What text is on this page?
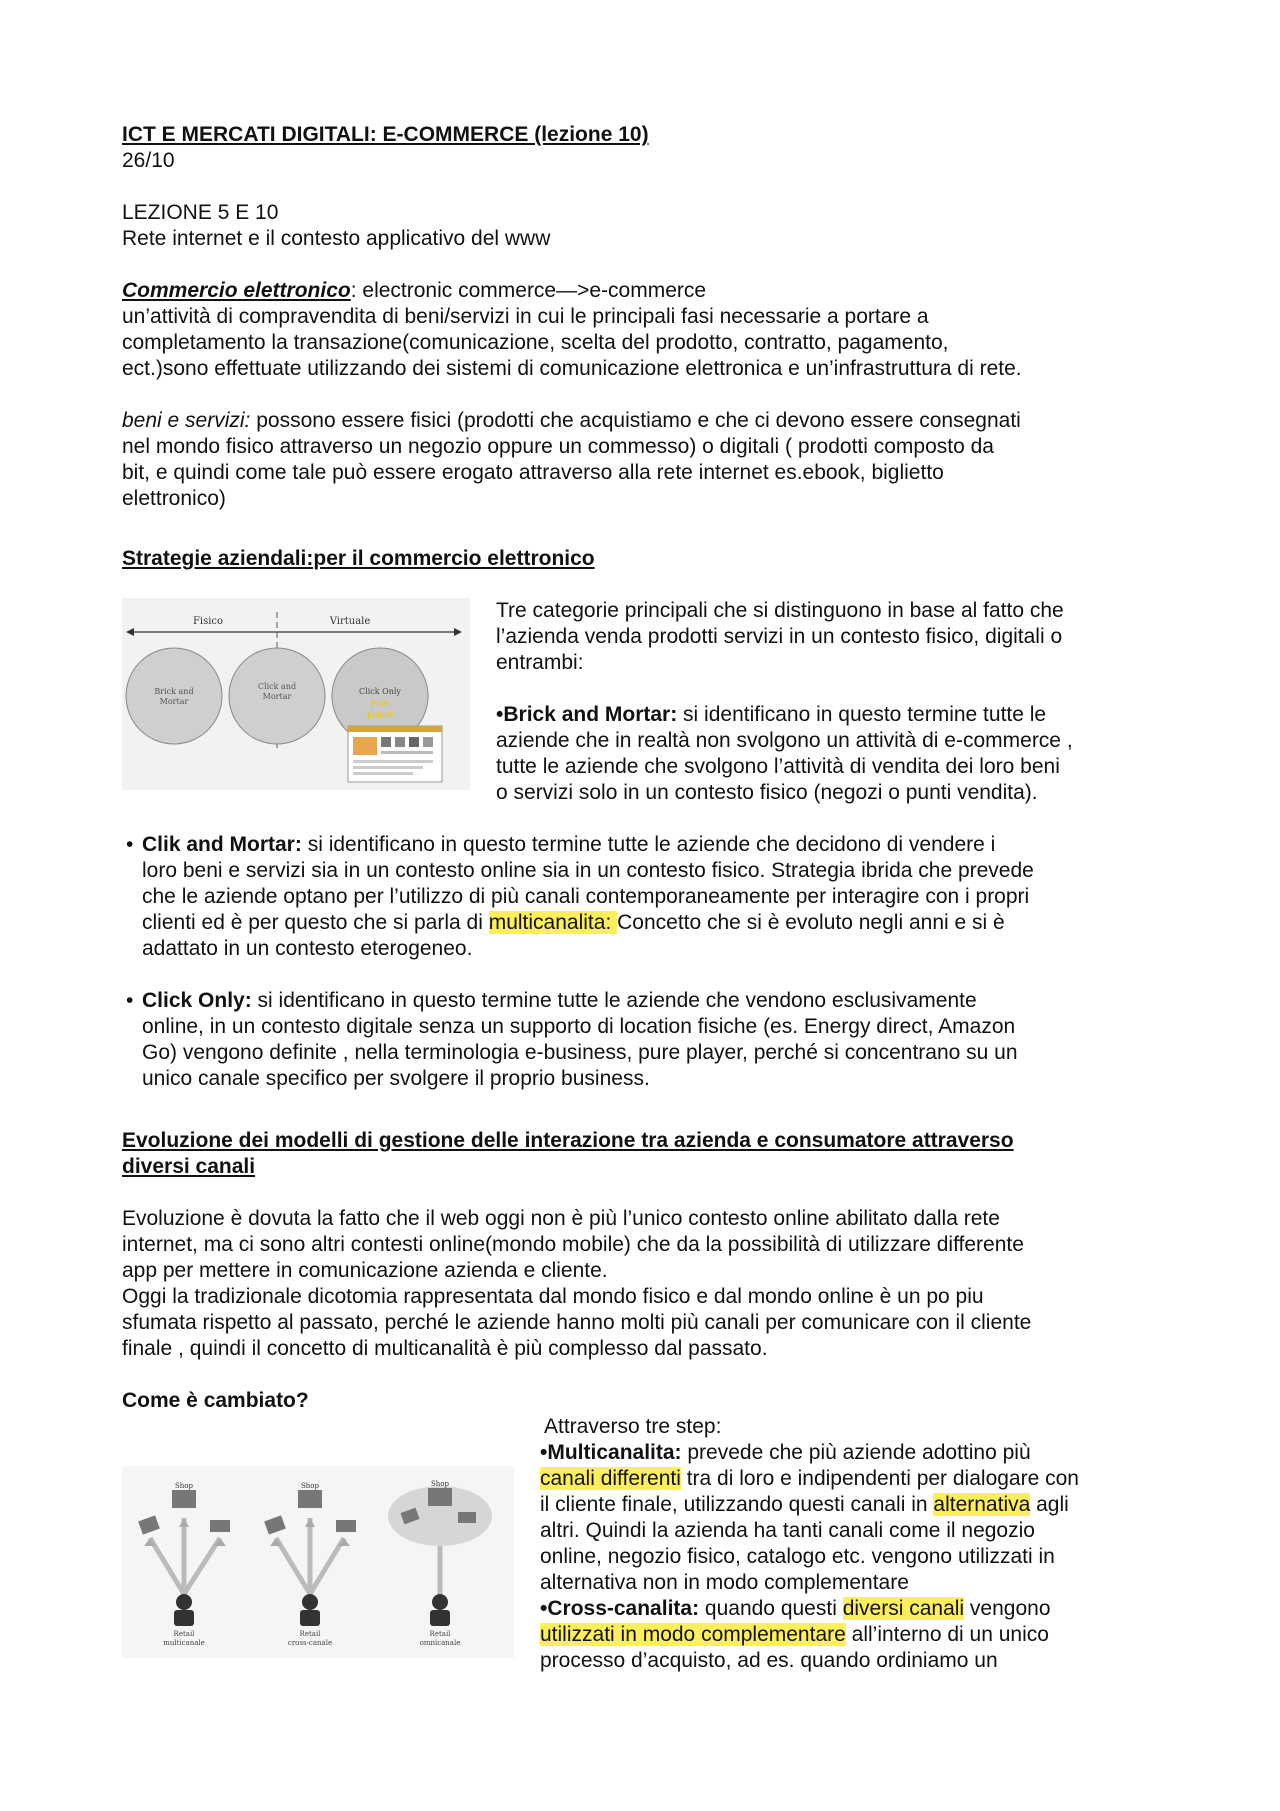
ICT E MERCATI DIGITALI: E-COMMERCE (lezione 10)
26/10
LEZIONE 5 E 10
Rete internet e il contesto applicativo del www
Commercio elettronico: electronic commerce—>e-commerce
un’attività di compravendita di beni/servizi in cui le principali fasi necessarie a portare a
completamento la transazione(comunicazione, scelta del prodotto, contratto, pagamento,
ect.)sono effettuate utilizzando dei sistemi di comunicazione elettronica e un’infrastruttura di rete.
beni e servizi: possono essere fisici (prodotti che acquistiamo e che ci devono essere consegnati
nel mondo fisico attraverso un negozio oppure un commesso) o digitali ( prodotti composto da
bit, e quindi come tale può essere erogato attraverso alla rete internet es.ebook, biglietto
elettronico)
Strategie aziendali:per il commercio elettronico
Fisico	Virtuale
Brick and
Mortar
Click and
Mortar
Click Only
Pure
player
Tre categorie principali che si distinguono in base al fatto che
l’azienda venda prodotti servizi in un contesto fisico, digitali o
entrambi:
•Brick and Mortar: si identificano in questo termine tutte le
aziende che in realtà non svolgono un attività di e-commerce ,
tutte le aziende che svolgono l’attività di vendita dei loro beni
o servizi solo in un contesto fisico (negozi o punti vendita).
• Clik and Mortar: si identificano in questo termine tutte le aziende che decidono di vendere i
loro beni e servizi sia in un contesto online sia in un contesto fisico. Strategia ibrida che prevede
che le aziende optano per l’utilizzo di più canali contemporaneamente per interagire con i propri
clienti ed è per questo che si parla di multicanalita: Concetto che si è evoluto negli anni e si è
adattato in un contesto eterogeneo.
• Click Only: si identificano in questo termine tutte le aziende che vendono esclusivamente
online, in un contesto digitale senza un supporto di location fisiche (es. Energy direct, Amazon
Go) vengono definite , nella terminologia e-business, pure player, perché si concentrano su un
unico canale specifico per svolgere il proprio business.
Evoluzione dei modelli di gestione delle interazione tra azienda e consumatore attraverso
diversi canali
Evoluzione è dovuta la fatto che il web oggi non è più l’unico contesto online abilitato dalla rete
internet, ma ci sono altri contesti online(mondo mobile) che da la possibilità di utilizzare differente
app per mettere in comunicazione azienda e cliente.
Oggi la tradizionale dicotomia rappresentata dal mondo fisico e dal mondo online è un po piu
sfumata rispetto al passato, perché le aziende hanno molti più canali per comunicare con il cliente
finale , quindi il concetto di multicanalità è più complesso dal passato.
Come è cambiato?
Shop	Shop	Shop
Retail
multicanale
Retail
cross-canale
Retail
omnicanale
Attraverso tre step:
•Multicanalita: prevede che più aziende adottino più
canali differenti tra di loro e indipendenti per dialogare con
il cliente finale, utilizzando questi canali in alternativa agli
altri. Quindi la azienda ha tanti canali come il negozio
online, negozio fisico, catalogo etc. vengono utilizzati in
alternativa non in modo complementare
•Cross-canalita: quando questi diversi canali vengono
utilizzati in modo complementare all’interno di un unico
processo d’acquisto, ad es. quando ordiniamo un
